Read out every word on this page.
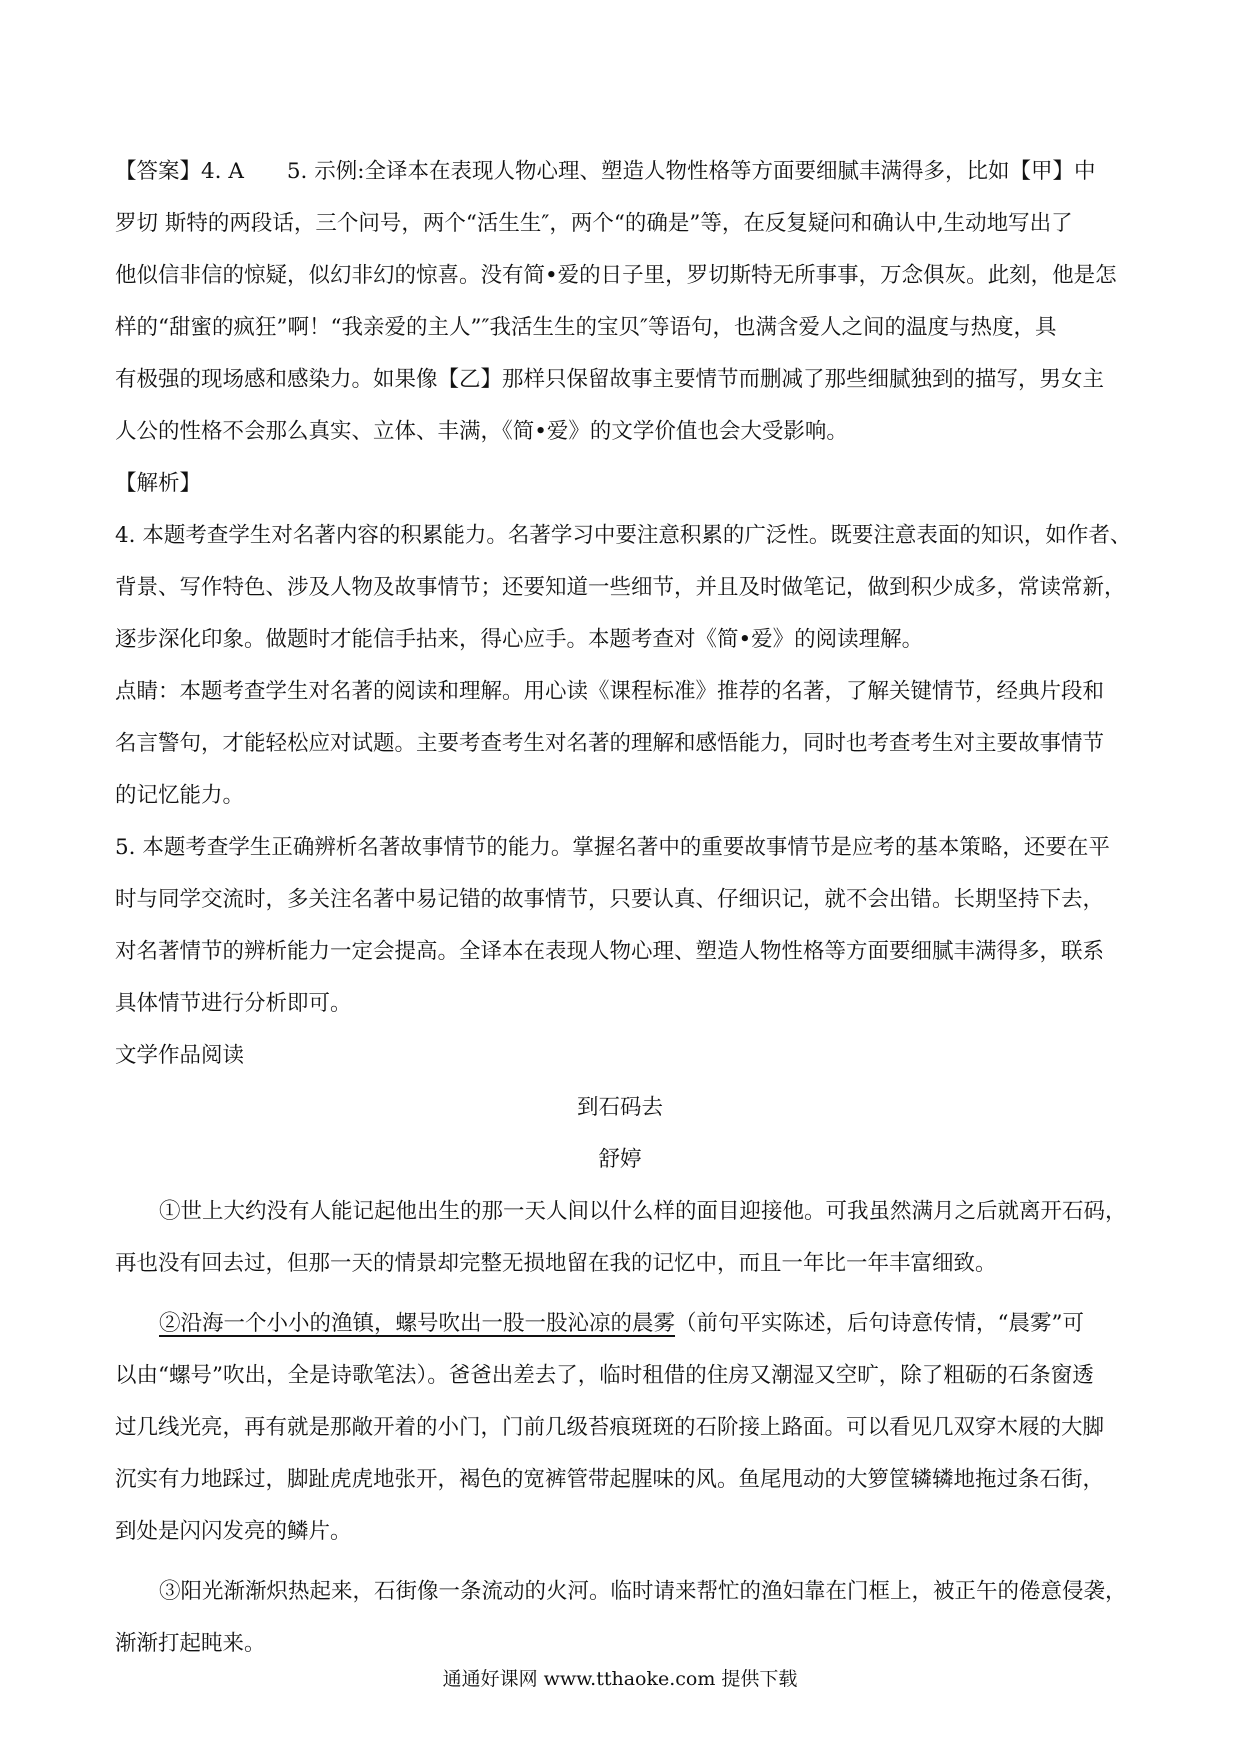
【答案】4. A　　5. 示例:全译本在表现人物心理、塑造人物性格等方面要细腻丰满得多，比如【甲】中
罗切 斯特的两段话，三个问号，两个“活生生″，两个“的确是”等，在反复疑问和确认中,生动地写出了
他似信非信的惊疑，似幻非幻的惊喜。没有简•爱的日子里，罗切斯特无所事事，万念俱灰。此刻，他是怎
样的“甜蜜的疯狂”啊！“我亲爱的主人”″我活生生的宝贝″等语句，也满含爱人之间的温度与热度，具
有极强的现场感和感染力。如果像【乙】那样只保留故事主要情节而删减了那些细腻独到的描写，男女主
人公的性格不会那么真实、立体、丰满，《简•爱》的文学价值也会大受影响。
【解析】
4. 本题考查学生对名著内容的积累能力。名著学习中要注意积累的广泛性。既要注意表面的知识，如作者、
背景、写作特色、涉及人物及故事情节；还要知道一些细节，并且及时做笔记，做到积少成多，常读常新，
逐步深化印象。做题时才能信手拈来，得心应手。本题考查对《简•爱》的阅读理解。
点睛：本题考查学生对名著的阅读和理解。用心读《课程标准》推荐的名著，了解关键情节，经典片段和
名言警句，才能轻松应对试题。主要考查考生对名著的理解和感悟能力，同时也考查考生对主要故事情节
的记忆能力。
5. 本题考查学生正确辨析名著故事情节的能力。掌握名著中的重要故事情节是应考的基本策略，还要在平
时与同学交流时，多关注名著中易记错的故事情节，只要认真、仔细识记，就不会出错。长期坚持下去，
对名著情节的辨析能力一定会提高。全译本在表现人物心理、塑造人物性格等方面要细腻丰满得多，联系
具体情节进行分析即可。
文学作品阅读
到石码去
舒婷
①世上大约没有人能记起他出生的那一天人间以什么样的面目迎接他。可我虽然满月之后就离开石码，
再也没有回去过，但那一天的情景却完整无损地留在我的记忆中，而且一年比一年丰富细致。
②沿海一个小小的渔镇，螺号吹出一股一股沁凉的晨雾（前句平实陈述，后句诗意传情，“晨雾”可
以由“螺号”吹出，全是诗歌笔法）。爸爸出差去了，临时租借的住房又潮湿又空旷，除了粗砺的石条窗透
过几线光亮，再有就是那敞开着的小门，门前几级苔痕斑斑的石阶接上路面。可以看见几双穿木屐的大脚
沉实有力地踩过，脚趾虎虎地张开，褐色的宽裤管带起腥味的风。鱼尾甩动的大箩筐辚辚地拖过条石街，
到处是闪闪发亮的鳞片。
③阳光渐渐炽热起来，石街像一条流动的火河。临时请来帮忙的渔妇靠在门框上，被正午的倦意侵袭，
渐渐打起盹来。
通通好课网 www.tthaoke.com 提供下载
